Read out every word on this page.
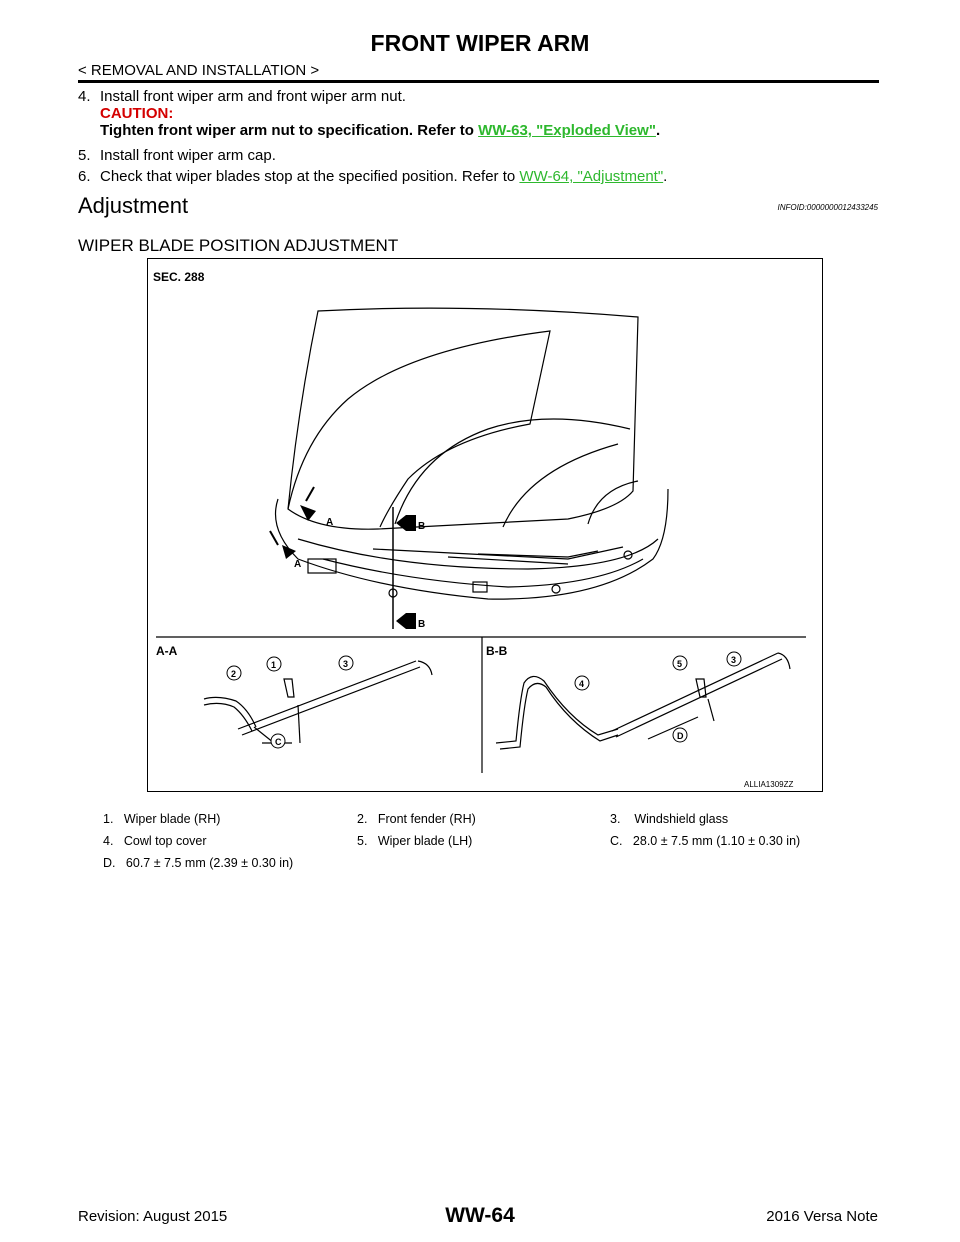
FRONT WIPER ARM
< REMOVAL AND INSTALLATION >
4. Install front wiper arm and front wiper arm nut.
CAUTION:
Tighten front wiper arm nut to specification. Refer to WW-63, "Exploded View".
5. Install front wiper arm cap.
6. Check that wiper blades stop at the specified position. Refer to WW-64, "Adjustment".
Adjustment	INFOID:0000000012433245
WIPER BLADE POSITION ADJUSTMENT
SEC. 288
A
A
B
B
A-A	B-B
2
1	3
C
4
5	3
D
ALLIA1309ZZ
1. Wiper blade (RH)	2. Front fender (RH)	3. Windshield glass
4. Cowl top cover	5. Wiper blade (LH)	C. 28.0 ± 7.5 mm (1.10 ± 0.30 in)
D. 60.7 ± 7.5 mm (2.39 ± 0.30 in)
Revision: August 2015	WW-64	2016 Versa Note
